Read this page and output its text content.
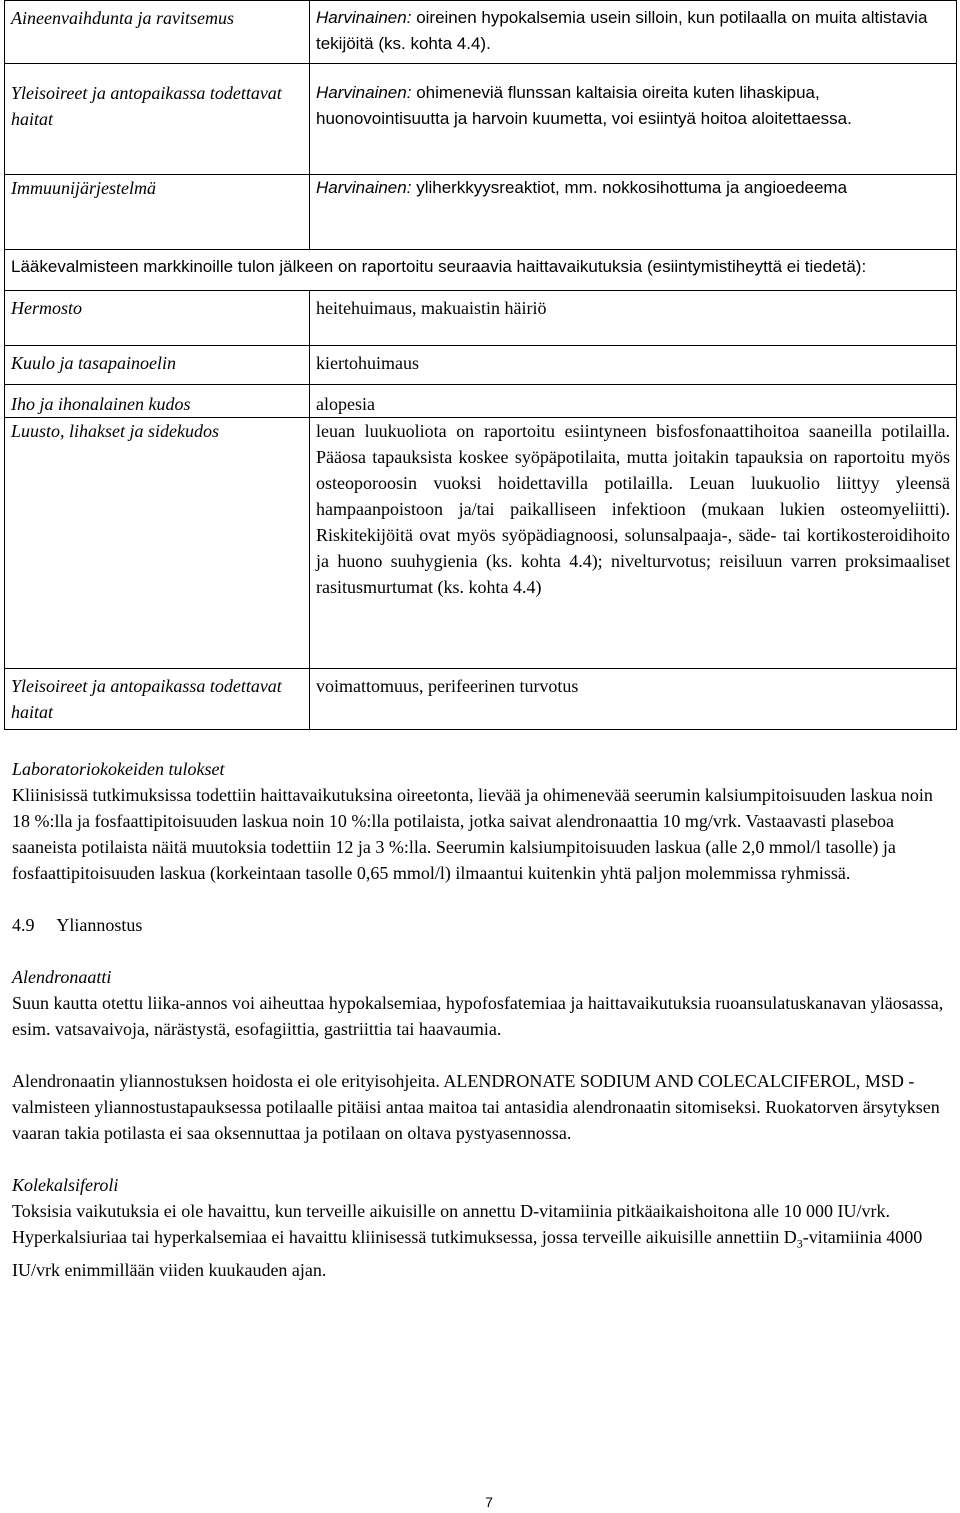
Aineenvaihdunta ja ravitsemus	Harvinainen: oireinen hypokalsemia usein silloin, kun potilaalla on muita altistavia tekijöitä (ks. kohta 4.4).
Yleisoireet ja antopaikassa todettavat haitat	Harvinainen: ohimeneviä flunssan kaltaisia oireita kuten lihaskipua, huonovointisuutta ja harvoin kuumetta, voi esiintyä hoitoa aloitettaessa.
Immuunijärjestelmä	Harvinainen: yliherkkyysreaktiot, mm. nokkosihottuma ja angioedeema
Lääkevalmisteen markkinoille tulon jälkeen on raportoitu seuraavia haittavaikutuksia (esiintymistiheyttä ei tiedetä):	
Hermosto	heitehuimaus, makuaistin häiriö
Kuulo ja tasapainoelin	kiertohuimaus
Iho ja ihonalainen kudos	alopesia
Luusto, lihakset ja sidekudos	leuan luukuoliota on raportoitu esiintyneen bisfosfonaattihoitoa saaneilla potilailla. Pääosa tapauksista koskee syöpäpotilaita, mutta joitakin tapauksia on raportoitu myös osteoporoosin vuoksi hoidettavilla potilailla. Leuan luukuolio liittyy yleensä hampaanpoistoon ja/tai paikalliseen infektioon (mukaan lukien osteomyeliitti). Riskitekijöitä ovat myös syöpädiagnoosi, solunsalpaaja-, säde- tai kortikosteroidihoito ja huono suuhygienia (ks. kohta 4.4); nivelturvotus; reisiluun varren proksimaaliset rasitusmurtumat (ks. kohta 4.4)
Yleisoireet ja antopaikassa todettavat haitat	voimattomuus, perifeerinen turvotus

Laboratoriokokeiden tulokset

Kliinisissä tutkimuksissa todettiin haittavaikutuksina oireetonta, lievää ja ohimenevää seerumin kalsiumpitoisuuden laskua noin 18 %:lla ja fosfaattipitoisuuden laskua noin 10 %:lla potilaista, jotka saivat alendronaattia 10 mg/vrk. Vastaavasti plaseboa saaneista potilaista näitä muutoksia todettiin 12 ja 3 %:lla. Seerumin kalsiumpitoisuuden laskua (alle 2,0 mmol/l tasolle) ja fosfaattipitoisuuden laskua (korkeintaan tasolle 0,65 mmol/l) ilmaantui kuitenkin yhtä paljon molemmissa ryhmissä.

4.9 Yliannostus

Alendronaatti

Suun kautta otettu liika-annos voi aiheuttaa hypokalsemiaa, hypofosfatemiaa ja haittavaikutuksia ruoansulatuskanavan yläosassa, esim. vatsavaivoja, närästystä, esofagiittia, gastriittia tai haavaumia.

Alendronaatin yliannostuksen hoidosta ei ole erityisohjeita. ALENDRONATE SODIUM AND COLECALCIFEROL, MSD -valmisteen yliannostustapauksessa potilaalle pitäisi antaa maitoa tai antasidia alendronaatin sitomiseksi. Ruokatorven ärsytyksen vaaran takia potilasta ei saa oksennuttaa ja potilaan on oltava pystyasennossa.

Kolekalsiferoli

Toksisia vaikutuksia ei ole havaittu, kun terveille aikuisille on annettu D-vitamiinia pitkäaikaishoitona alle 10 000 IU/vrk. Hyperkalsiuriaa tai hyperkalsemiaa ei havaittu kliinisessä tutkimuksessa, jossa terveille aikuisille annettiin $D_3$-vitamiinia 4000 IU/vrk enimmillään viiden kuukauden ajan.

7
